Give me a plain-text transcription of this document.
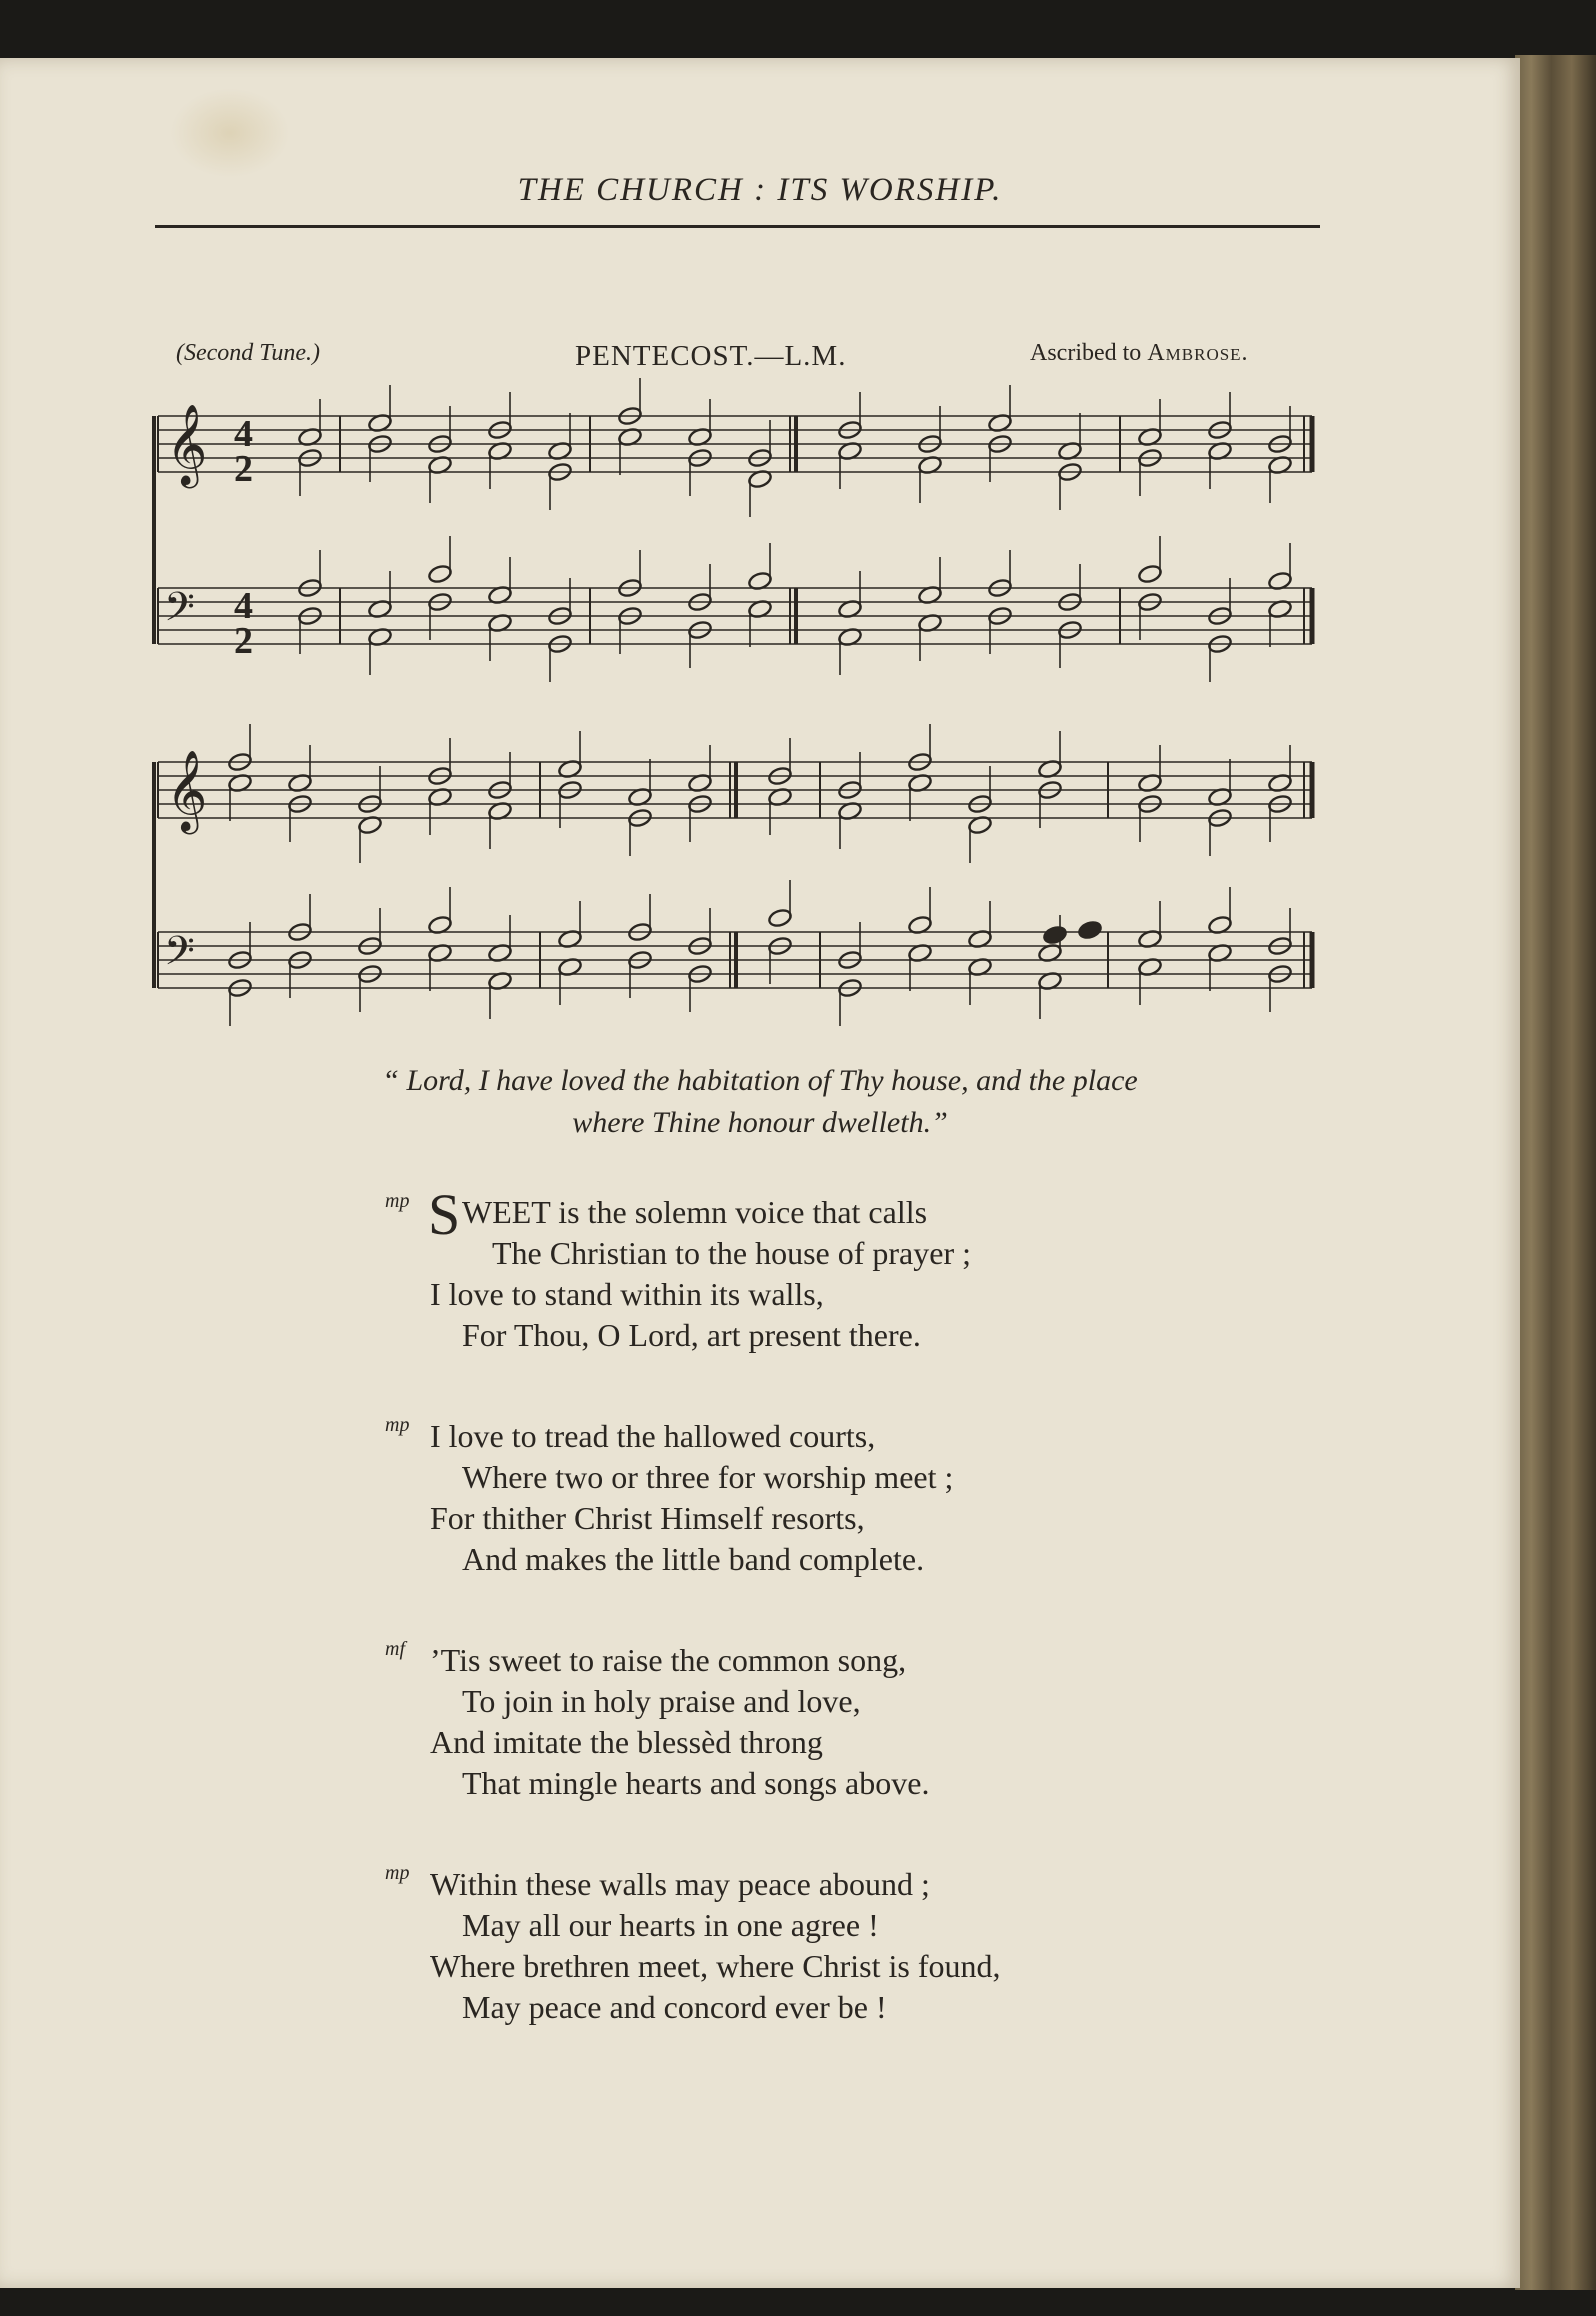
THE CHURCH : ITS WORSHIP.
(Second Tune.)	PENTECOST.—L.M.	Ascribed to Ambrose.
4
2
4
2
𝄞
𝄢
𝄞
𝄢
“ Lord, I have loved the habitation of Thy house, and the place
where Thine honour dwelleth.”
mp S WEET is the solemn voice that calls
The Christian to the house of prayer ;
I love to stand within its walls,
For Thou, O Lord, art present there.
mp I love to tread the hallowed courts,
Where two or three for worship meet ;
For thither Christ Himself resorts,
And makes the little band complete.
mf ’Tis sweet to raise the common song,
To join in holy praise and love,
And imitate the blessèd throng
That mingle hearts and songs above.
mp Within these walls may peace abound ;
May all our hearts in one agree !
Where brethren meet, where Christ is found,
May peace and concord ever be !
